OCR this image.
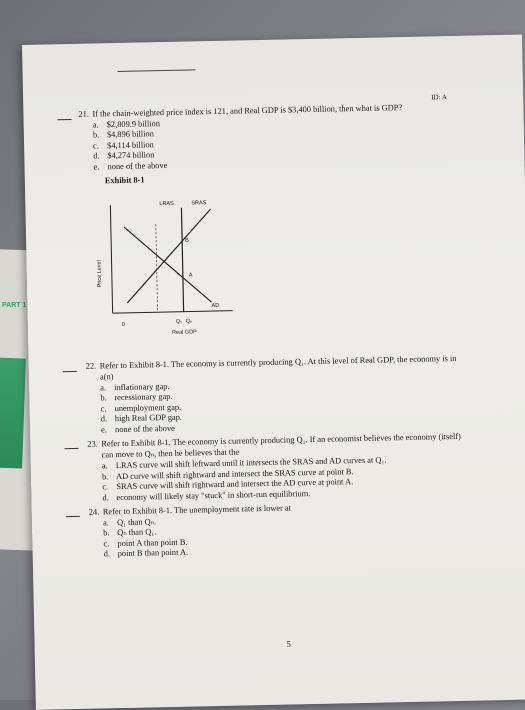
PART 1
ID: A
21. If the chain-weighted price index is 121, and Real GDP is $3,400 billion, then what is GDP?
a. $2,809.9 billion
b. $4,896 billion
c. $4,114 billion
d. $4,274 billion
e. none of the above
Exhibit 8-1
LRAS	SRAS
AD
A
B
Price Level
0
Q₁ Qₙ
Real GDP
22. Refer to Exhibit 8-1. The economy is currently producing Q₁. At this level of Real GDP, the economy is in
a(n)
a. inflationary gap.
b. recessionary gap.
c. unemployment gap.
d. high Real GDP gap.
e. none of the above
23. Refer to Exhibit 8-1. The economy is currently producing Q₁. If an economist believes the economy (itself)
can move to Qₙ, then he believes that the
a. LRAS curve will shift leftward until it intersects the SRAS and AD curves at Q₁.
b. AD curve will shift rightward and intersect the SRAS curve at point B.
c. SRAS curve will shift rightward and intersect the AD curve at point A.
d. economy will likely stay "stuck" in short-run equilibrium.
24. Refer to Exhibit 8-1. The unemployment rate is lower at
a. Q₁ than Qₙ.
b. Qₙ than Q₁.
c. point A than point B.
d. point B than point A.
5
